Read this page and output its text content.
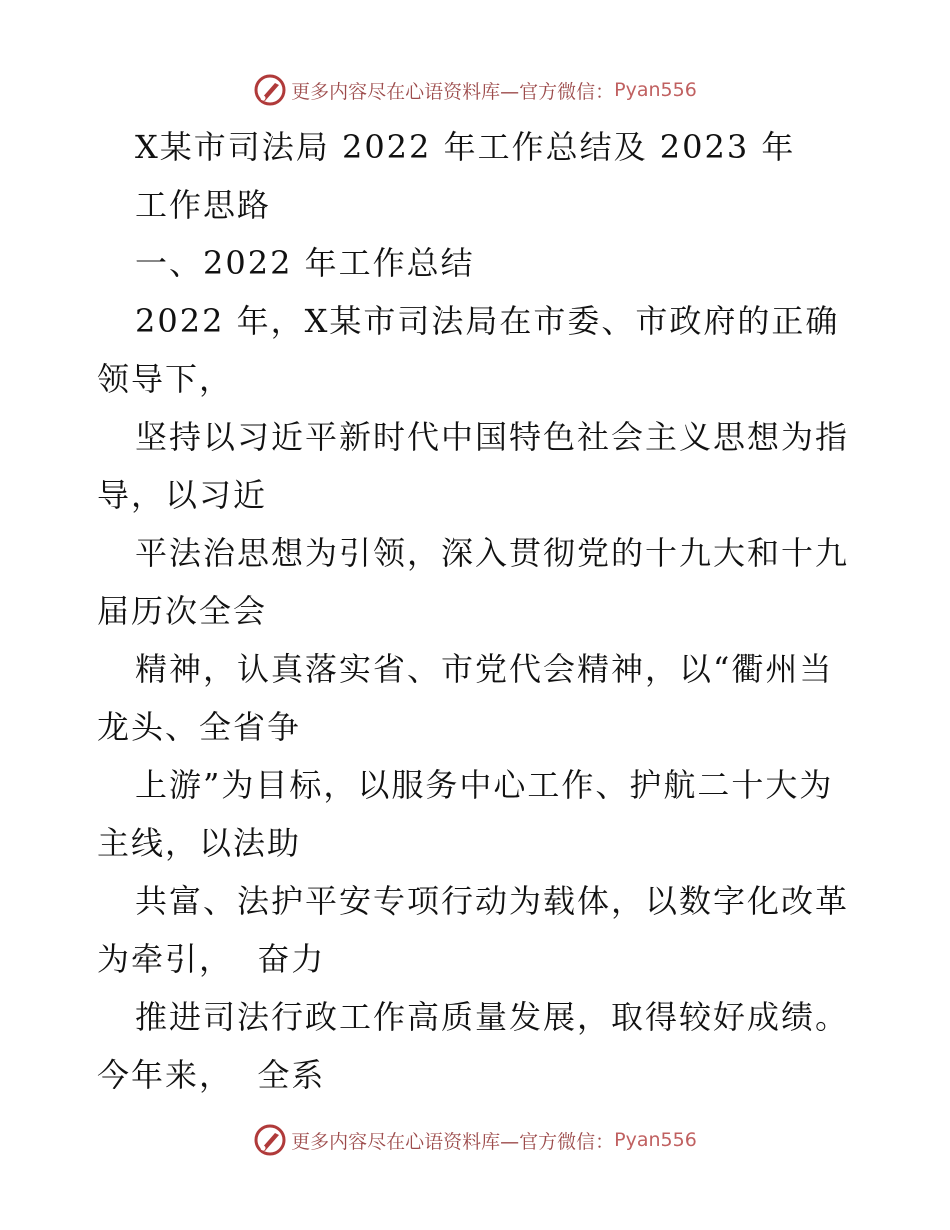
更多内容尽在心语资料库—官方微信： Pyan556
X某市司法局 2022 年工作总结及 2023 年
工作思路
一、2022 年工作总结
2022 年，X某市司法局在市委、市政府的正确
领导下，
坚持以习近平新时代中国特色社会主义思想为指
导，以习近
平法治思想为引领，深入贯彻党的十九大和十九
届历次全会
精神，认真落实省、市党代会精神，以“衢州当
龙头、全省争
上游”为目标，以服务中心工作、护航二十大为
主线，以法助
共富、法护平安专项行动为载体，以数字化改革
为牵引，  奋力
推进司法行政工作高质量发展，取得较好成绩。
今年来，  全系
更多内容尽在心语资料库—官方微信： Pyan556
